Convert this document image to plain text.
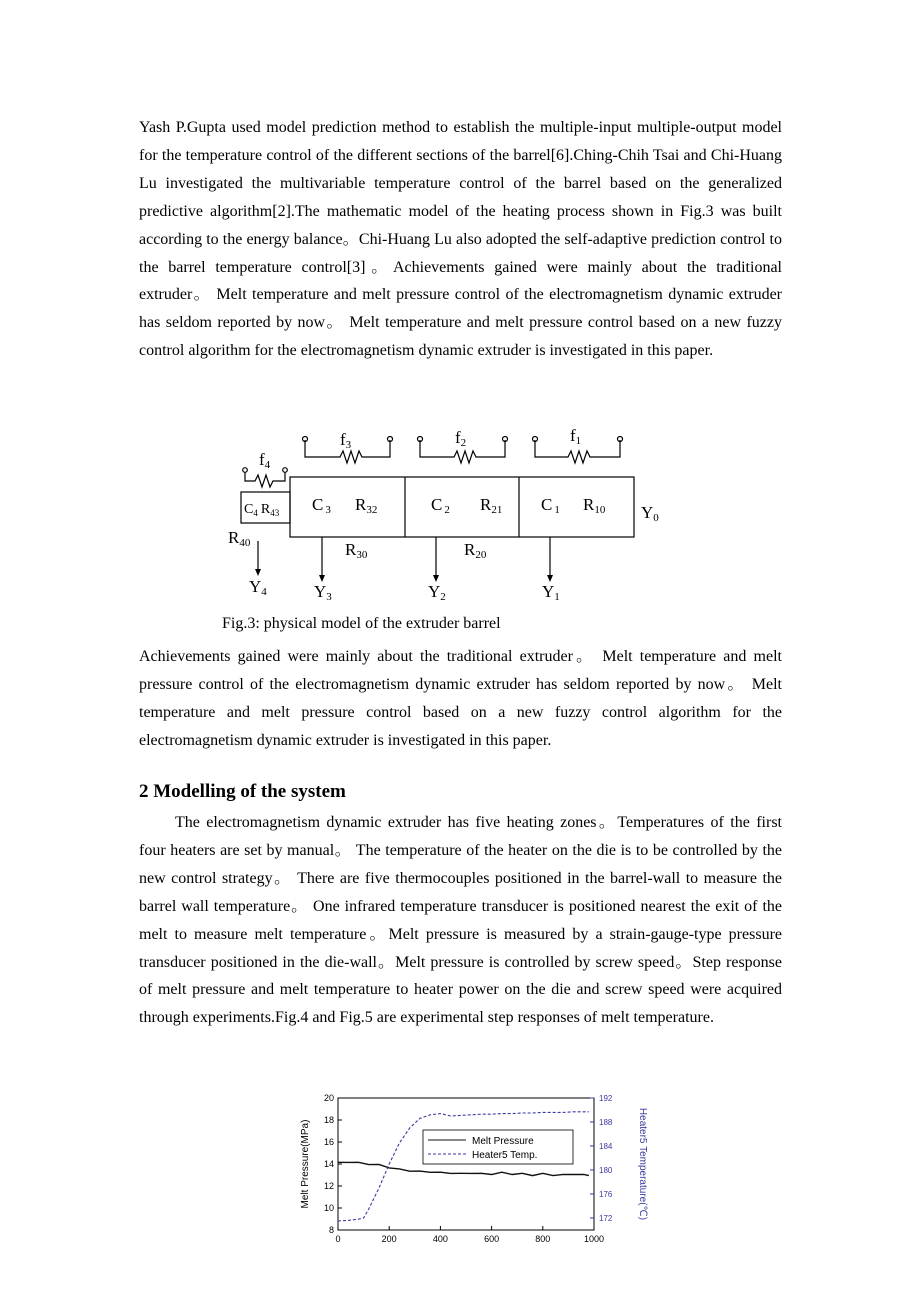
Yash P.Gupta used model prediction method to establish the multiple-input multiple-output model for the temperature control of the different sections of the barrel[6].Ching-Chih Tsai and Chi-Huang Lu investigated the multivariable temperature control of the barrel based on the generalized predictive algorithm[2].The mathematic model of the heating process shown in Fig.3 was built according to the energy balance。Chi-Huang Lu also adopted the self-adaptive prediction control to the barrel temperature control[3]。Achievements gained were mainly about the traditional extruder。 Melt temperature and melt pressure control of the electromagnetism dynamic extruder has seldom reported by now。 Melt temperature and melt pressure control based on a new fuzzy control algorithm for the electromagnetism dynamic extruder is investigated in this paper.

f4
f3	f2	f1
$C_4$ $R_{43}$ C 3 R32	C 2 R21 C 1 R10
R40	R30	R20
Y4	Y3	Y2	Y1
Y0

Fig.3: physical model of the extruder barrel

Achievements gained were mainly about the traditional extruder。 Melt temperature and melt pressure control of the electromagnetism dynamic extruder has seldom reported by now。 Melt temperature and melt pressure control based on a new fuzzy control algorithm for the electromagnetism dynamic extruder is investigated in this paper.

2 Modelling of the system

The electromagnetism dynamic extruder has five heating zones。Temperatures of the first four heaters are set by manual。 The temperature of the heater on the die is to be controlled by the new control strategy。 There are five thermocouples positioned in the barrel-wall to measure the barrel wall temperature。 One infrared temperature transducer is positioned nearest the exit of the melt to measure melt temperature。Melt pressure is measured by a strain-gauge-type pressure transducer positioned in the die-wall。Melt pressure is controlled by screw speed。Step response of melt pressure and melt temperature to heater power on the die and screw speed were acquired through experiments.Fig.4 and Fig.5 are experimental step responses of melt temperature.

0	200	400	600	800	1000
8
10
12
14
16
18
20
172
176
180
184
188
192
Melt Pressure
Heater5 Temp.
Melt Pressure(MPa)	Heater5 Temperature(℃)
